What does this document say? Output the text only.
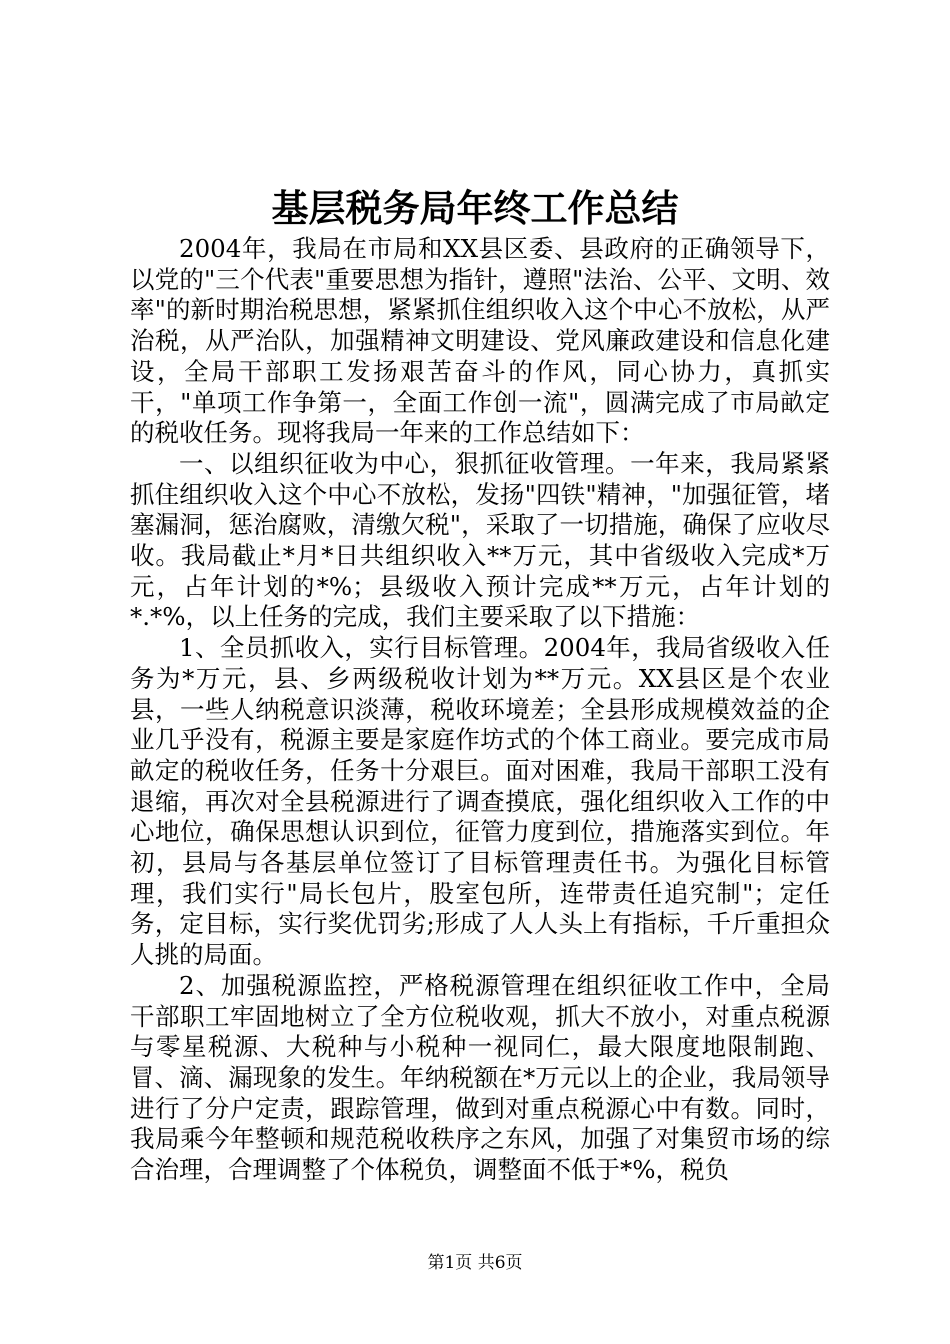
基层税务局年终工作总结

2004年，我局在市局和XX县区委、县政府的正确领导下，以党的"三个代表"重要思想为指针，遵照"法治、公平、文明、效率"的新时期治税思想，紧紧抓住组织收入这个中心不放松，从严治税，从严治队，加强精神文明建设、党风廉政建设和信息化建设，全局干部职工发扬艰苦奋斗的作风，同心协力，真抓实干，"单项工作争第一，全面工作创一流"，圆满完成了市局畝定的税收任务。现将我局一年来的工作总结如下：

一、以组织征收为中心，狠抓征收管理。一年来，我局紧紧抓住组织收入这个中心不放松，发扬"四铁"精神，"加强征管，堵塞漏洞，惩治腐败，清缴欠税"，采取了一切措施，确保了应收尽收。我局截止*月*日共组织收入**万元，其中省级收入完成*万元，占年计划的*%；县级收入预计完成**万元，占年计划的*.*%，以上任务的完成，我们主要采取了以下措施：

1、全员抓收入，实行目标管理。2004年，我局省级收入任务为*万元，县、乡两级税收计划为**万元。XX县区是个农业县，一些人纳税意识淡薄，税收环境差；全县形成规模效益的企业几乎没有，税源主要是家庭作坊式的个体工商业。要完成市局畝定的税收任务，任务十分艰巨。面对困难，我局干部职工没有退缩，再次对全县税源进行了调查摸底，强化组织收入工作的中心地位，确保思想认识到位，征管力度到位，措施落实到位。年初，县局与各基层单位签订了目标管理责任书。为强化目标管理，我们实行"局长包片，股室包所，连带责任追究制"；定任务，定目标，实行奖优罚劣;形成了人人头上有指标，千斤重担众人挑的局面。

2、加强税源监控，严格税源管理在组织征收工作中，全局干部职工牢固地树立了全方位税收观，抓大不放小，对重点税源与零星税源、大税种与小税种一视同仁，最大限度地限制跑、冒、滴、漏现象的发生。年纳税额在*万元以上的企业，我局领导进行了分户定责，跟踪管理，做到对重点税源心中有数。同时，我局乘今年整顿和规范税收秩序之东风，加强了对集贸市场的综合治理，合理调整了个体税负，调整面不低于*%，税负

第1页 共6页
